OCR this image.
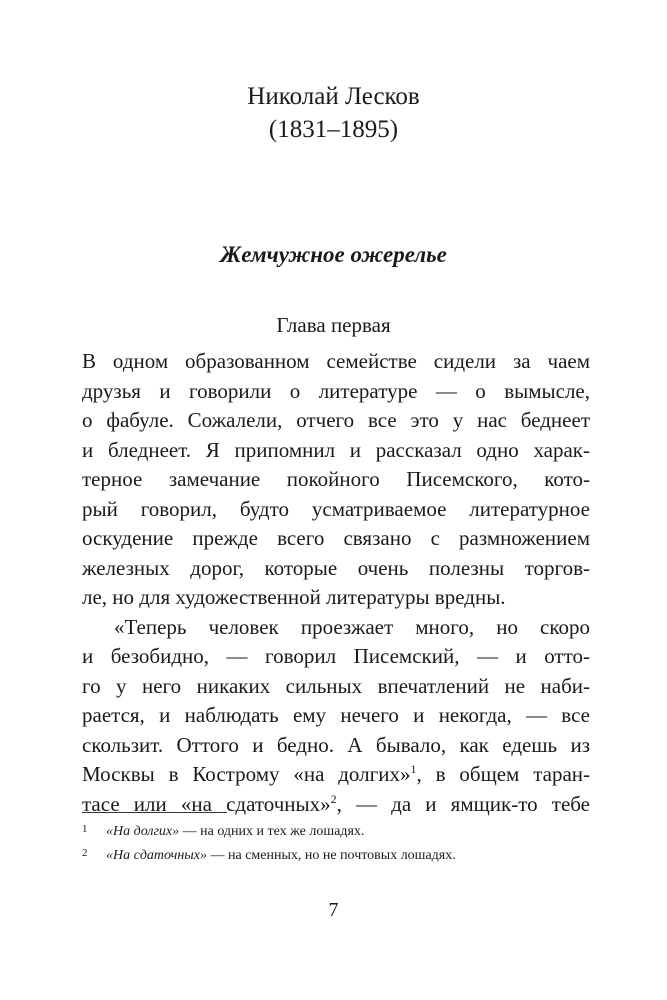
Николай Лесков
(1831–1895)
Жемчужное ожерелье
Глава первая
В одном образованном семействе сидели за чаем
друзья и говорили о литературе — о вымысле,
о фабуле. Сожалели, отчего все это у нас беднеет
и бледнеет. Я припомнил и рассказал одно харак-
терное замечание покойного Писемского, кото-
рый говорил, будто усматриваемое литературное
оскудение прежде всего связано с размножением
железных дорог, которые очень полезны торгов-
ле, но для художественной литературы вредны.
«Теперь человек проезжает много, но скоро
и безобидно, — говорил Писемский, — и отто-
го у него никаких сильных впечатлений не наби-
рается, и наблюдать ему нечего и некогда, — все
скользит. Оттого и бедно. А бывало, как едешь из
Москвы в Кострому «на долгих»$^1$, в общем таран-
тасе или «на сдаточных»$^2$, — да и ямщик-то тебе
1 «На долгих» — на одних и тех же лошадях.
2 «На сдаточных» — на сменных, но не почтовых лошадях.
7
